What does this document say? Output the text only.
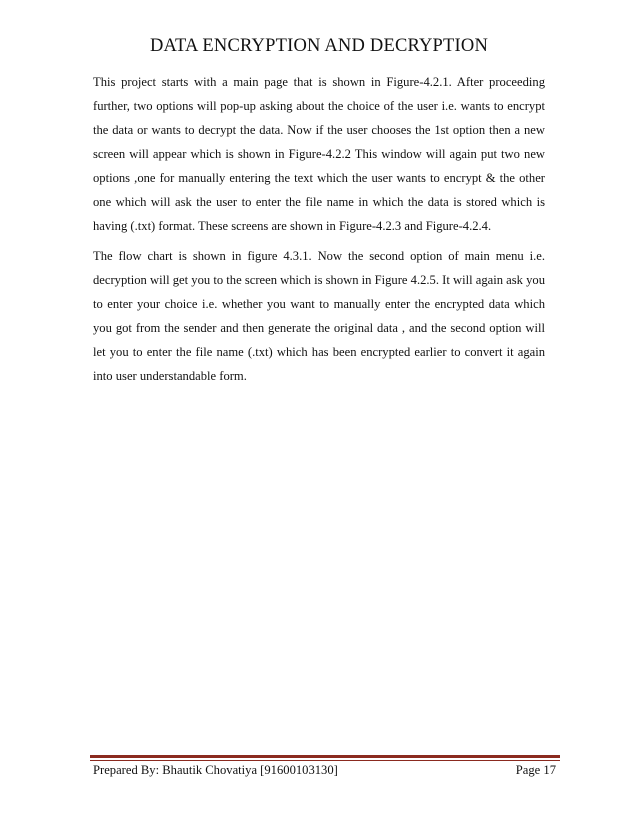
DATA ENCRYPTION AND DECRYPTION

This project starts with a main page that is shown in Figure-4.2.1. After proceeding further, two options will pop-up asking about the choice of the user i.e. wants to encrypt the data or wants to decrypt the data. Now if the user chooses the 1st option then a new screen will appear which is shown in Figure-4.2.2 This window will again put two new options ,one for manually entering the text which the user wants to encrypt & the other one which will ask the user to enter the file name in which the data is stored which is having (.txt) format. These screens are shown in Figure-4.2.3 and Figure-4.2.4.

The flow chart is shown in figure 4.3.1. Now the second option of main menu i.e. decryption will get you to the screen which is shown in Figure 4.2.5. It will again ask you to enter your choice i.e. whether you want to manually enter the encrypted data which you got from the sender and then generate the original data , and the second option will let you to enter the file name (.txt) which has been encrypted earlier to convert it again into user understandable form.

Prepared By: Bhautik Chovatiya [91600103130]	Page 17
